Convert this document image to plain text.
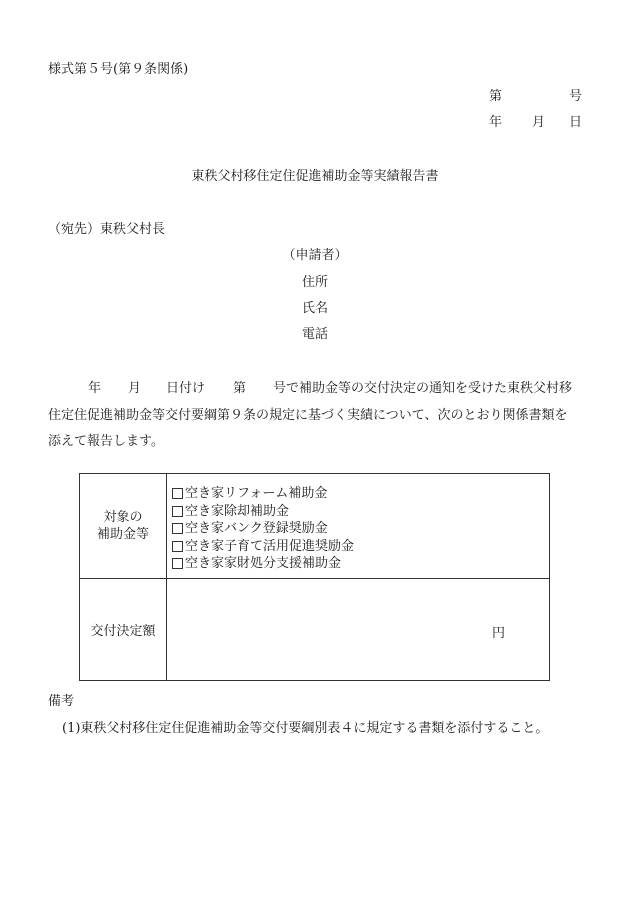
様式第５号(第９条関係)
第	号
年 月 日
東秩父村移住定住促進補助金等実績報告書
（宛先）東秩父村長
（申請者）
住所
氏名
電話
年 月 日付け 第 号で補助金等の交付決定の通知を受けた東秩父村移
住定住促進補助金等交付要綱第９条の規定に基づく実績について、次のとおり関係書類を
添えて報告します。
対象の
補助金等
空き家リフォーム補助金
空き家除却補助金
空き家バンク登録奨励金
空き家子育て活用促進奨励金
空き家家財処分支援補助金
交付決定額	円
備考
(1)東秩父村移住定住促進補助金等交付要綱別表４に規定する書類を添付すること。
